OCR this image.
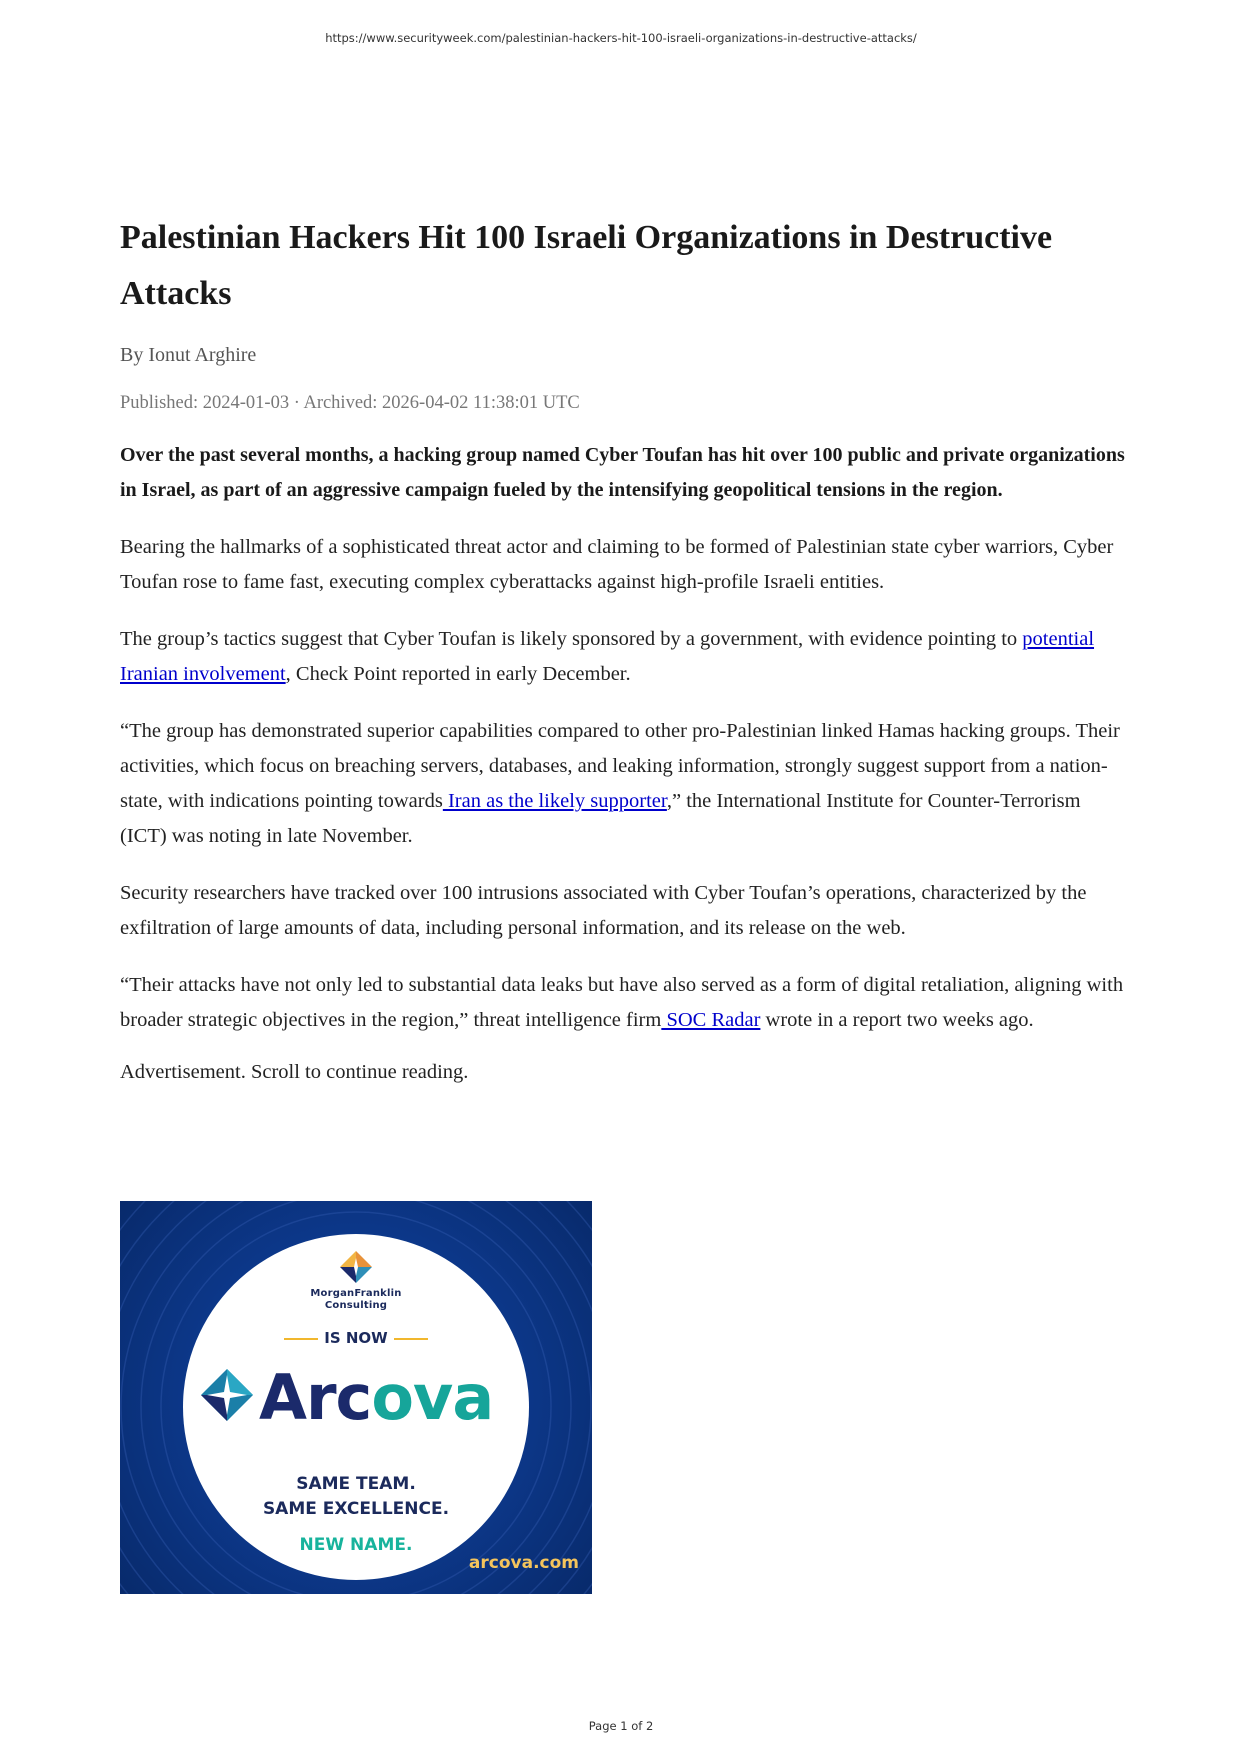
https://www.securityweek.com/palestinian-hackers-hit-100-israeli-organizations-in-destructive-attacks/
Palestinian Hackers Hit 100 Israeli Organizations in Destructive Attacks
By Ionut Arghire
Published: 2024-01-03 · Archived: 2026-04-02 11:38:01 UTC
Over the past several months, a hacking group named Cyber Toufan has hit over 100 public and private organizations in Israel, as part of an aggressive campaign fueled by the intensifying geopolitical tensions in the region.

Bearing the hallmarks of a sophisticated threat actor and claiming to be formed of Palestinian state cyber warriors, Cyber Toufan rose to fame fast, executing complex cyberattacks against high-profile Israeli entities.

The group’s tactics suggest that Cyber Toufan is likely sponsored by a government, with evidence pointing to potential Iranian involvement, Check Point reported in early December.

“The group has demonstrated superior capabilities compared to other pro-Palestinian linked Hamas hacking groups. Their activities, which focus on breaching servers, databases, and leaking information, strongly suggest support from a nation-state, with indications pointing towards Iran as the likely supporter,” the International Institute for Counter-Terrorism (ICT) was noting in late November.

Security researchers have tracked over 100 intrusions associated with Cyber Toufan’s operations, characterized by the exfiltration of large amounts of data, including personal information, and its release on the web.

“Their attacks have not only led to substantial data leaks but have also served as a form of digital retaliation, aligning with broader strategic objectives in the region,” threat intelligence firm SOC Radar wrote in a report two weeks ago.

Advertisement. Scroll to continue reading.
MorganFranklin
Consulting
IS NOW
Arcova
SAME TEAM.
SAME EXCELLENCE.
NEW NAME.
arcova.com
Page 1 of 2
